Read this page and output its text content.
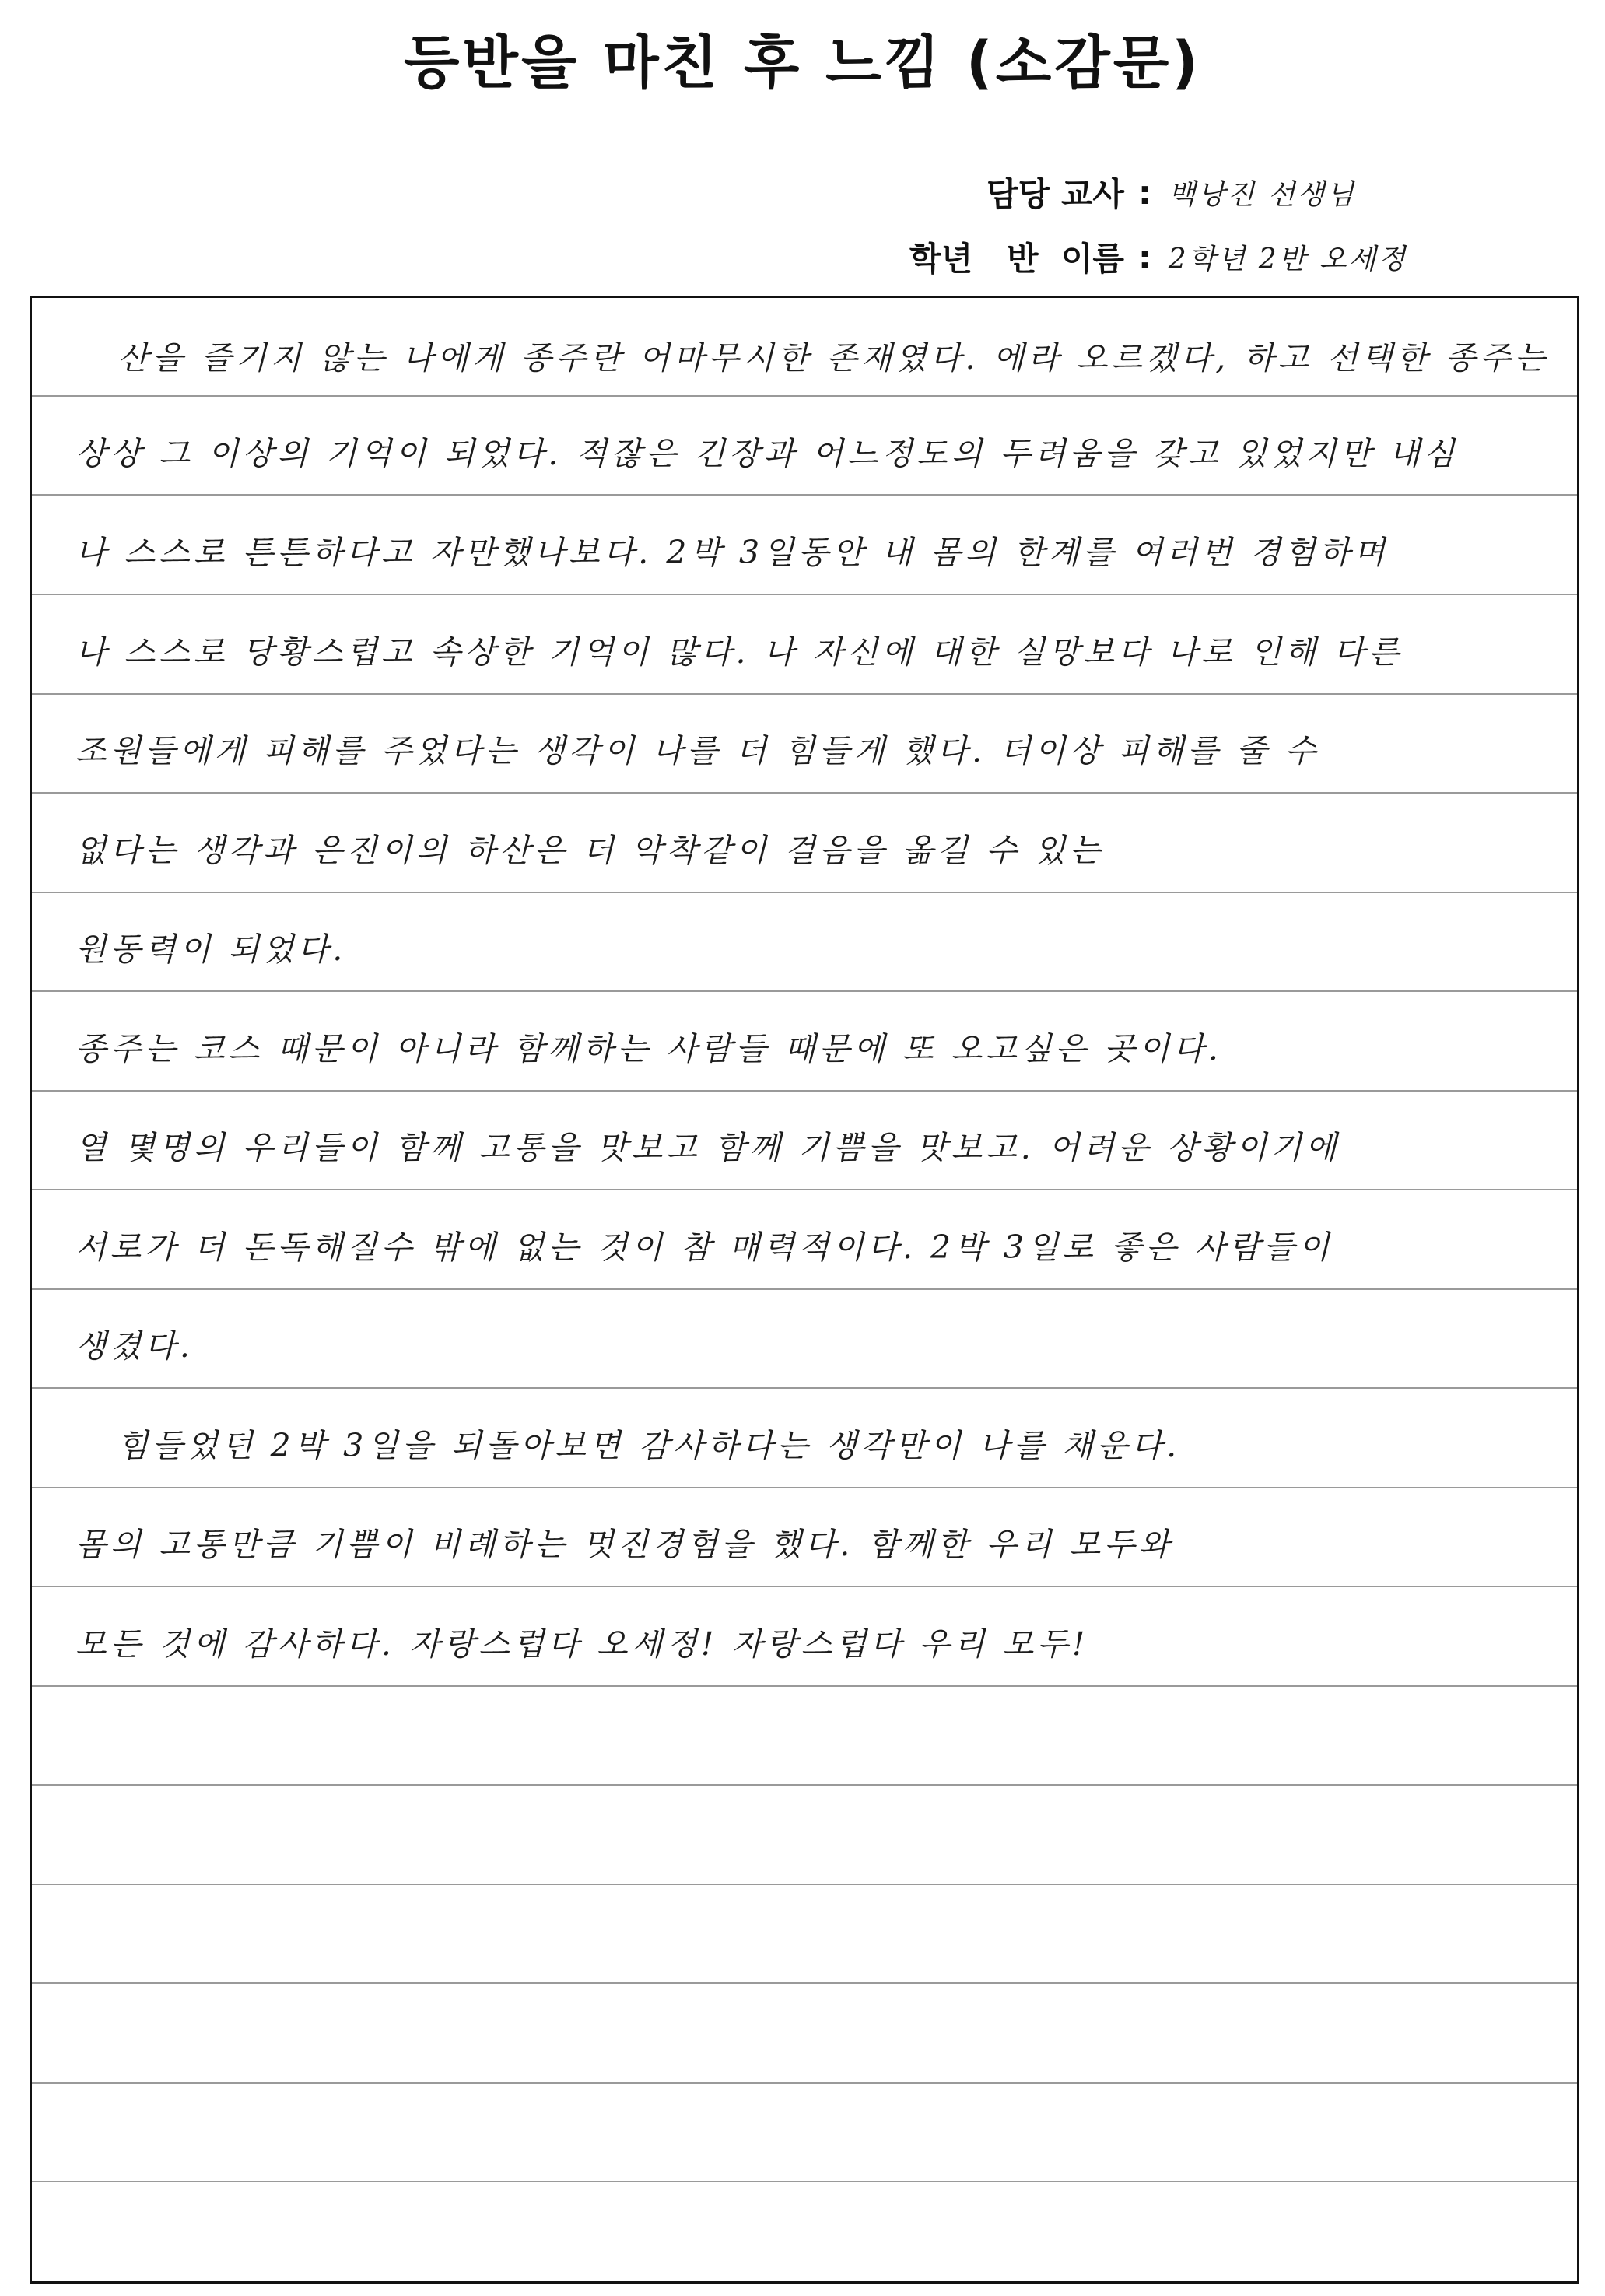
등반을 마친 후 느낌 (소감문)
담당 교사 : 백낭진 선생님
학년   반  이름 : 2학년 2반 오세정
산을 즐기지 않는 나에게 종주란 어마무시한 존재였다. 에라 오르겠다, 하고 선택한 종주는
상상 그 이상의 기억이 되었다. 적잖은 긴장과 어느정도의 두려움을 갖고 있었지만 내심
나 스스로 튼튼하다고 자만했나보다. 2박 3일동안 내 몸의 한계를 여러번 경험하며
나 스스로 당황스럽고 속상한 기억이 많다. 나 자신에 대한 실망보다 나로 인해 다른
조원들에게 피해를 주었다는 생각이 나를 더 힘들게 했다. 더이상 피해를 줄 수
없다는 생각과 은진이의 하산은 더 악착같이 걸음을 옮길 수 있는
원동력이 되었다.
종주는 코스 때문이 아니라 함께하는 사람들 때문에 또 오고싶은 곳이다.
열 몇명의 우리들이 함께 고통을 맛보고 함께 기쁨을 맛보고. 어려운 상황이기에
서로가 더 돈독해질수 밖에 없는 것이 참 매력적이다. 2박 3일로 좋은 사람들이
생겼다.
힘들었던 2박 3일을 되돌아보면 감사하다는 생각만이 나를 채운다.
몸의 고통만큼 기쁨이 비례하는 멋진경험을 했다. 함께한 우리 모두와
모든 것에 감사하다. 자랑스럽다 오세정! 자랑스럽다 우리 모두!
